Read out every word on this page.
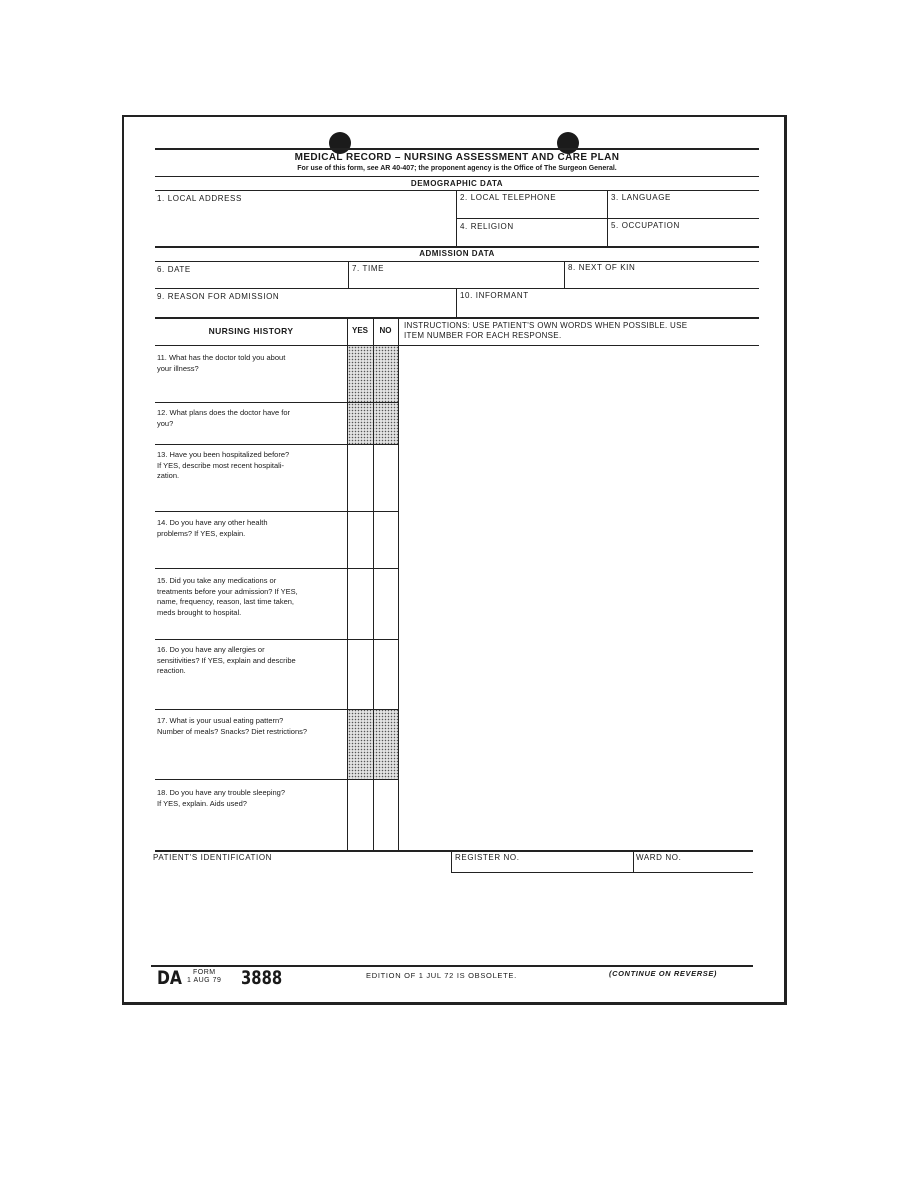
MEDICAL RECORD – NURSING ASSESSMENT AND CARE PLAN
For use of this form, see AR 40-407; the proponent agency is the Office of The Surgeon General.
DEMOGRAPHIC DATA
1. LOCAL ADDRESS	2. LOCAL TELEPHONE	3. LANGUAGE
4. RELIGION	5. OCCUPATION
ADMISSION DATA
6. DATE	7. TIME	8. NEXT OF KIN
9. REASON FOR ADMISSION	10. INFORMANT
NURSING HISTORY	YES	NO
INSTRUCTIONS: USE PATIENT'S OWN WORDS WHEN POSSIBLE. USE
ITEM NUMBER FOR EACH RESPONSE.
11. What has the doctor told you about
your illness?
12. What plans does the doctor have for
you?
13. Have you been hospitalized before?
If YES, describe most recent hospitali-
zation.
14. Do you have any other health
problems? If YES, explain.
15. Did you take any medications or
treatments before your admission? If YES,
name, frequency, reason, last time taken,
meds brought to hospital.
16. Do you have any allergies or
sensitivities? If YES, explain and describe
reaction.
17. What is your usual eating pattern?
Number of meals? Snacks? Diet restrictions?
18. Do you have any trouble sleeping?
If YES, explain. Aids used?
PATIENT'S IDENTIFICATION	REGISTER NO.	WARD NO.
DA FORM
1 AUG 79 3888	EDITION OF 1 JUL 72 IS OBSOLETE.	(CONTINUE ON REVERSE)
